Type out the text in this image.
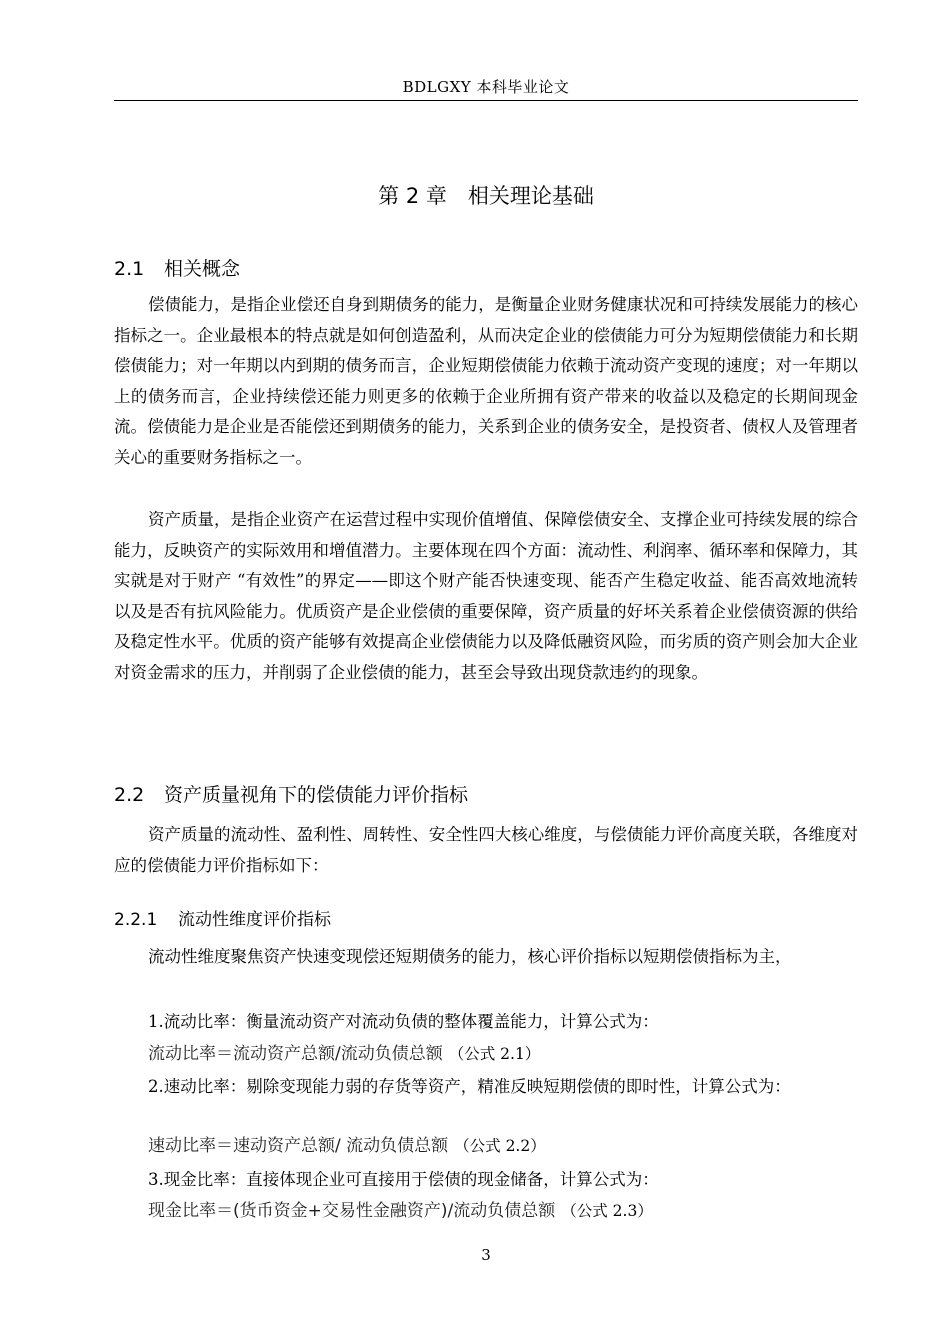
BDLGXY 本科毕业论文
第 2 章　相关理论基础
2.1 相关概念

偿债能力，是指企业偿还自身到期债务的能力，是衡量企业财务健康状况和可持续发展能力的核心指标之一。企业最根本的特点就是如何创造盈利，从而决定企业的偿债能力可分为短期偿债能力和长期偿债能力；对一年期以内到期的债务而言，企业短期偿债能力依赖于流动资产变现的速度；对一年期以上的债务而言，企业持续偿还能力则更多的依赖于企业所拥有资产带来的收益以及稳定的长期间现金流。偿债能力是企业是否能偿还到期债务的能力，关系到企业的债务安全，是投资者、债权人及管理者关心的重要财务指标之一。

资产质量，是指企业资产在运营过程中实现价值增值、保障偿债安全、支撑企业可持续发展的综合能力，反映资产的实际效用和增值潜力。主要体现在四个方面：流动性、利润率、循环率和保障力，其实就是对于财产 “有效性”的界定——即这个财产能否快速变现、能否产生稳定收益、能否高效地流转以及是否有抗风险能力。优质资产是企业偿债的重要保障，资产质量的好坏关系着企业偿债资源的供给及稳定性水平。优质的资产能够有效提高企业偿债能力以及降低融资风险，而劣质的资产则会加大企业对资金需求的压力，并削弱了企业偿债的能力，甚至会导致出现贷款违约的现象。

2.2 资产质量视角下的偿债能力评价指标

资产质量的流动性、盈利性、周转性、安全性四大核心维度，与偿债能力评价高度关联，各维度对应的偿债能力评价指标如下：

2.2.1 流动性维度评价指标

流动性维度聚焦资产快速变现偿还短期债务的能力，核心评价指标以短期偿债指标为主，

1.流动比率：衡量流动资产对流动负债的整体覆盖能力，计算公式为：

流动比率＝流动资产总额/流动负债总额 （公式 2.1）

2.速动比率：剔除变现能力弱的存货等资产，精准反映短期偿债的即时性，计算公式为：

速动比率＝速动资产总额/ 流动负债总额 （公式 2.2）

3.现金比率：直接体现企业可直接用于偿债的现金储备，计算公式为：

现金比率＝(货币资金+交易性金融资产)/流动负债总额 （公式 2.3）
3
